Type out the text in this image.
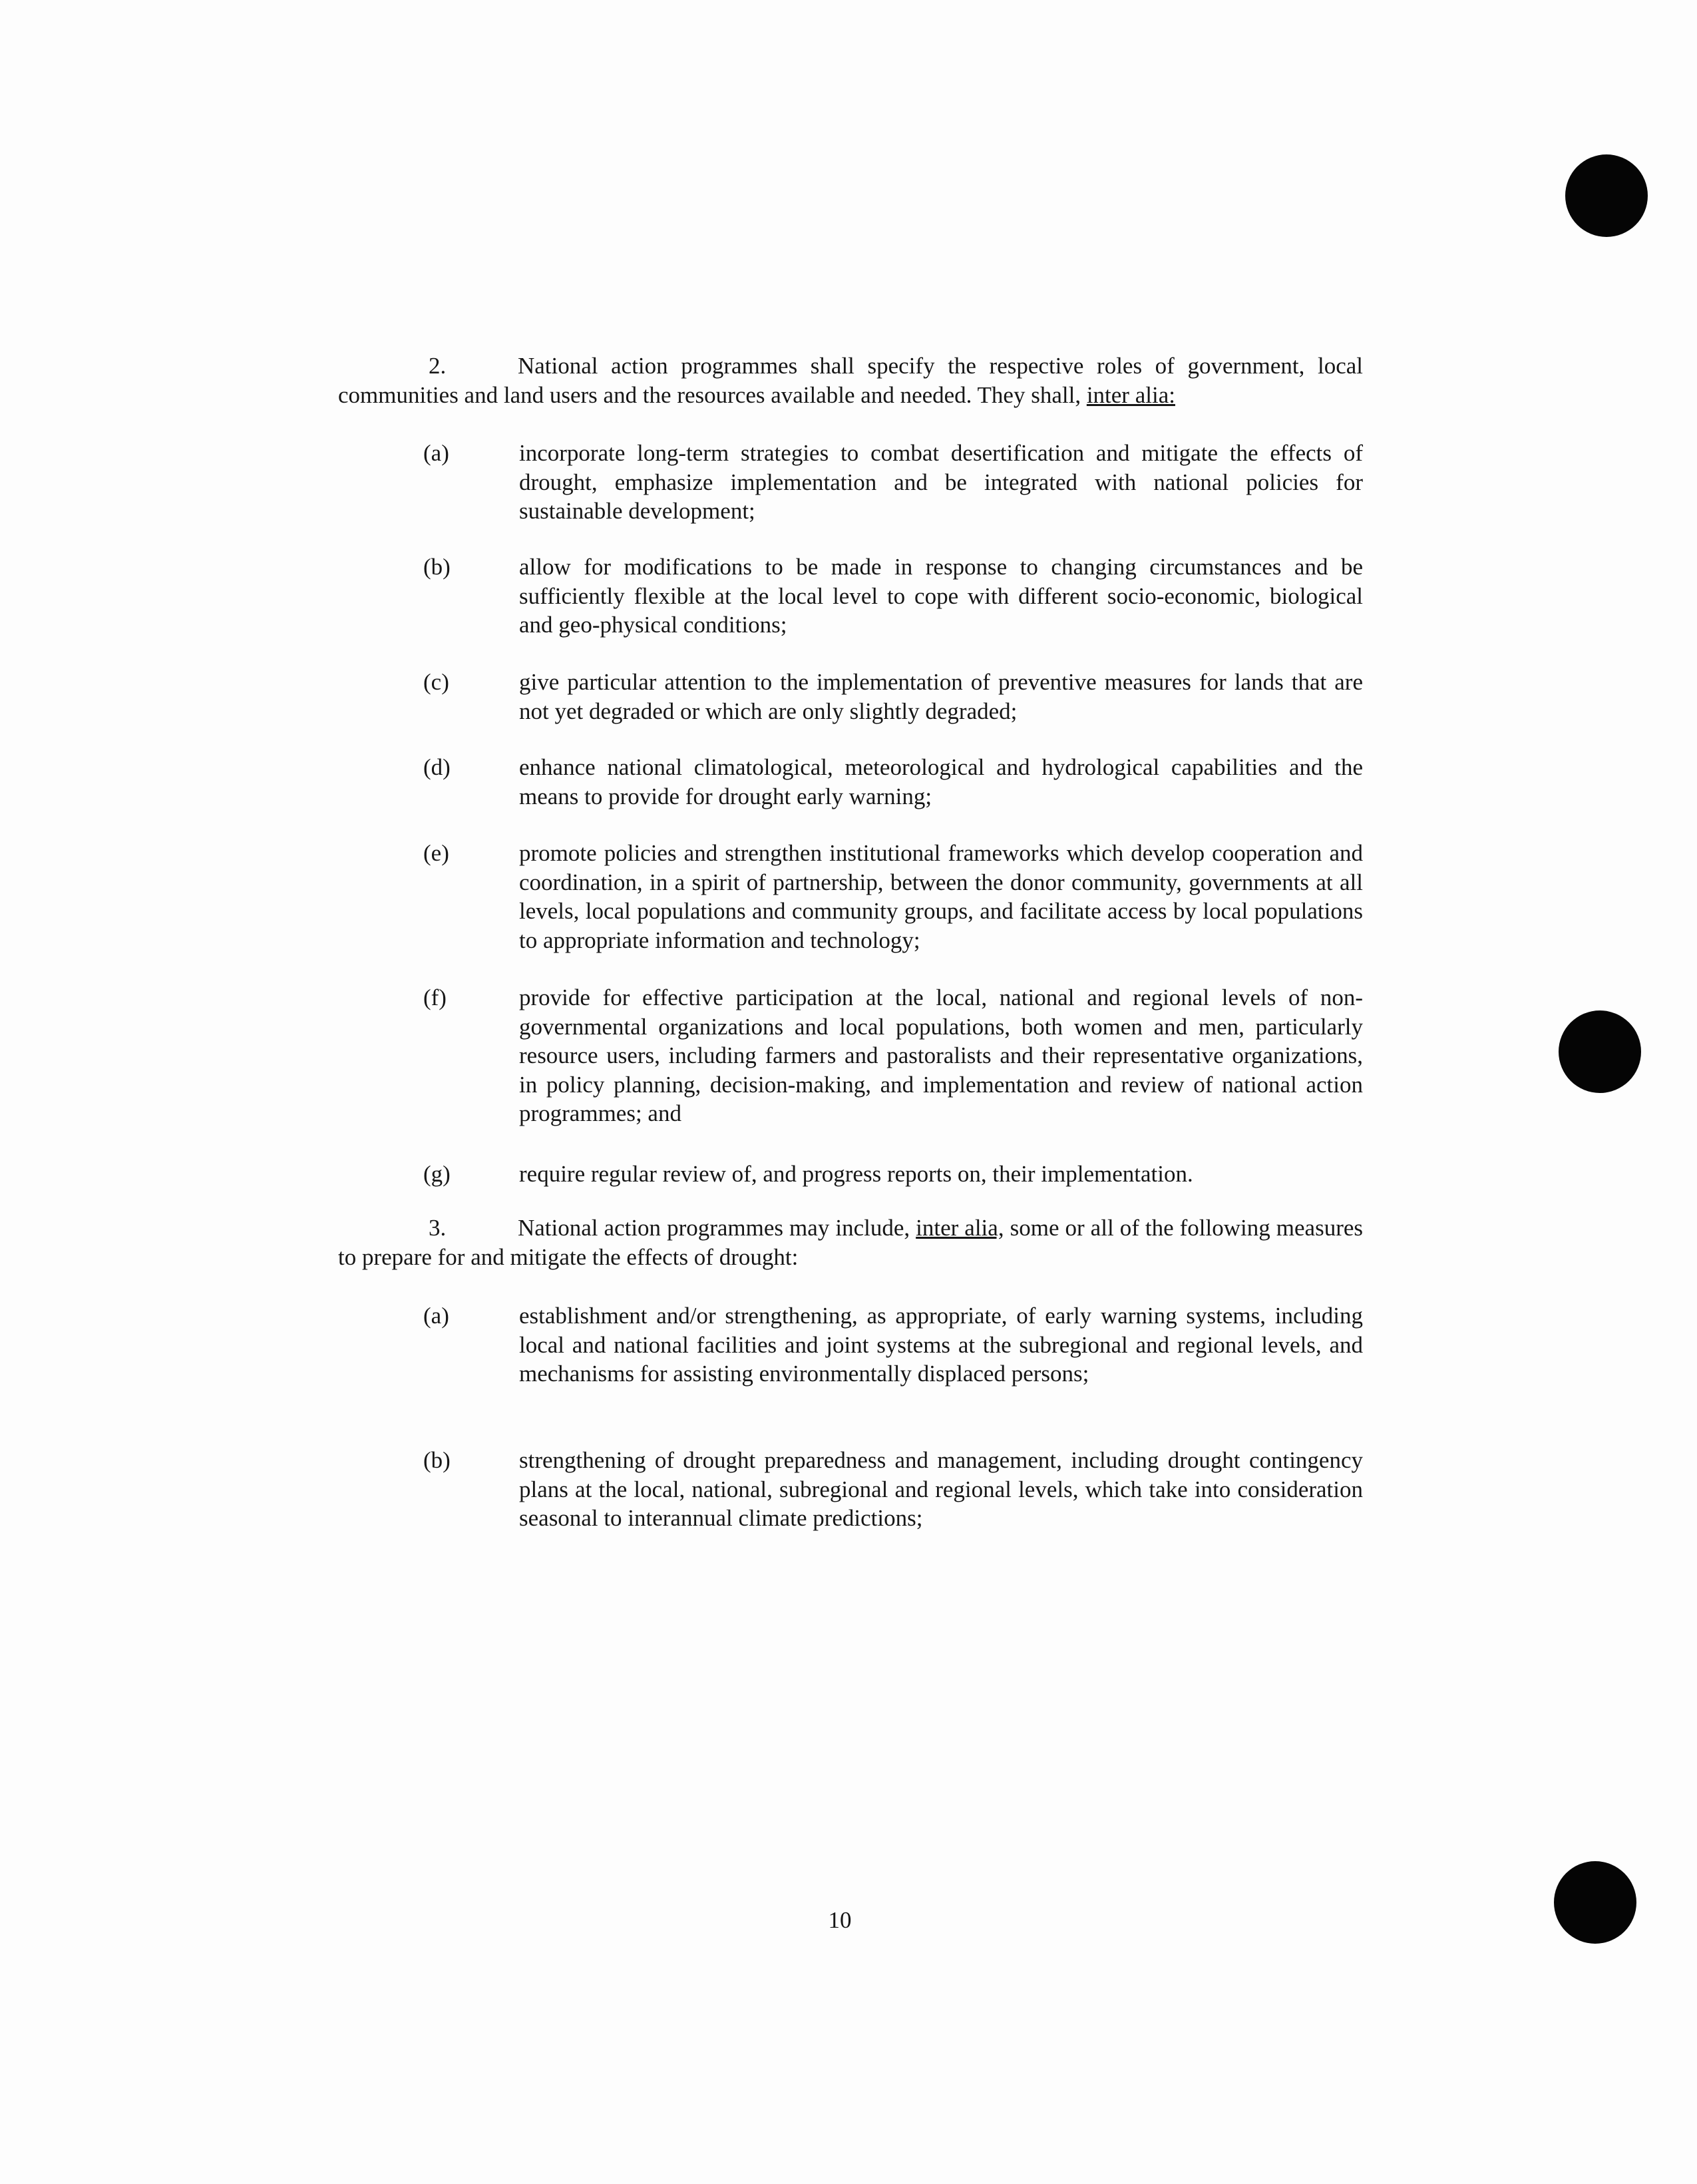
2.	National action programmes shall specify the respective roles of government, local communities and land users and the resources available and needed. They shall, inter alia:
(a)	incorporate long-term strategies to combat desertification and mitigate the effects of drought, emphasize implementation and be integrated with national policies for sustainable development;
(b)	allow for modifications to be made in response to changing circumstances and be sufficiently flexible at the local level to cope with different socio-economic, biological and geo-physical conditions;
(c)	give particular attention to the implementation of preventive measures for lands that are not yet degraded or which are only slightly degraded;
(d)	enhance national climatological, meteorological and hydrological capabilities and the means to provide for drought early warning;
(e)	promote policies and strengthen institutional frameworks which develop cooperation and coordination, in a spirit of partnership, between the donor community, governments at all levels, local populations and community groups, and facilitate access by local populations to appropriate information and technology;
(f)	provide for effective participation at the local, national and regional levels of non-governmental organizations and local populations, both women and men, particularly resource users, including farmers and pastoralists and their representative organizations, in policy planning, decision-making, and implementation and review of national action programmes; and
(g)	require regular review of, and progress reports on, their implementation.
3.	National action programmes may include, inter alia, some or all of the following measures to prepare for and mitigate the effects of drought:
(a)	establishment and/or strengthening, as appropriate, of early warning systems, including local and national facilities and joint systems at the subregional and regional levels, and mechanisms for assisting environmentally displaced persons;
(b)	strengthening of drought preparedness and management, including drought contingency plans at the local, national, subregional and regional levels, which take into consideration seasonal to interannual climate predictions;
10
